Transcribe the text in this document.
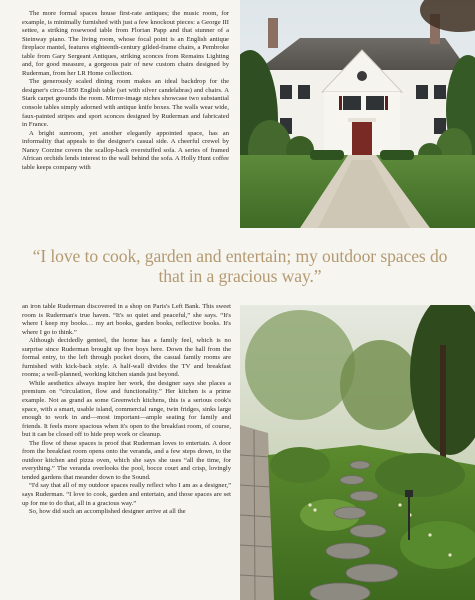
The more formal spaces house first-rate antiques; the music room, for example, is minimally furnished with just a few knockout pieces: a George III settee, a striking rosewood table from Florian Papp and that stunner of a Steinway piano. The living room, whose focal point is an English antique fireplace mantel, features eighteenth-century gilded-frame chairs, a Pembroke table from Gary Sergeant Antiques, striking sconces from Remains Lighting and, for good measure, a gorgeous pair of new custom chairs designed by Ruderman, from her LR Home collection.

The generously scaled dining room makes an ideal backdrop for the designer's circa-1850 English table (set with silver candelabras) and chairs. A Stark carpet grounds the room. Mirror-image niches showcase two substantial console tables simply adorned with antique knife boxes. The walls wear wide, faux-painted stripes and sport sconces designed by Ruderman and fabricated in France.

A bright sunroom, yet another elegantly appointed space, has an informality that appeals to the designer's casual side. A cheerful crewel by Nancy Corzine covers the scallop-back overstuffed sofa. A series of framed African orchids lends interest to the wall behind the sofa. A Holly Hunt coffee table keeps company with

“I love to cook, garden and entertain; my outdoor spaces do that in a gracious way.”

an iron table Ruderman discovered in a shop on Paris's Left Bank. This sweet room is Ruderman's true haven. “It's so quiet and peaceful,” she says. “It's where I keep my books… my art books, garden books, reflective books. It's where I go to think.”

Although decidedly genteel, the home has a family feel, which is no surprise since Ruderman brought up five boys here. Down the hall from the formal entry, to the left through pocket doors, the casual family rooms are furnished with kick-back style. A half-wall divides the TV and breakfast rooms; a well-planned, working kitchen stands just beyond.

While aesthetics always inspire her work, the designer says she places a premium on “circulation, flow and functionality.” Her kitchen is a prime example. Not as grand as some Greenwich kitchens, this is a serious cook's space, with a smart, usable island, commercial range, twin fridges, sinks large enough to work in and—most important—ample seating for family and friends. It feels more spacious when it's open to the breakfast room, of course, but it can be closed off to hide prep work or cleanup.

The flow of these spaces is proof that Ruderman loves to entertain. A door from the breakfast room opens onto the veranda, and a few steps down, to the outdoor kitchen and pizza oven, which she says she uses “all the time, for everything.” The veranda overlooks the pool, bocce court and crisp, lovingly tended gardens that meander down to the Sound.

“I'd say that all of my outdoor spaces really reflect who I am as a designer,” says Ruderman. “I love to cook, garden and entertain, and those spaces are set up for me to do that, all in a gracious way.”

So, how did such an accomplished designer arrive at all the
